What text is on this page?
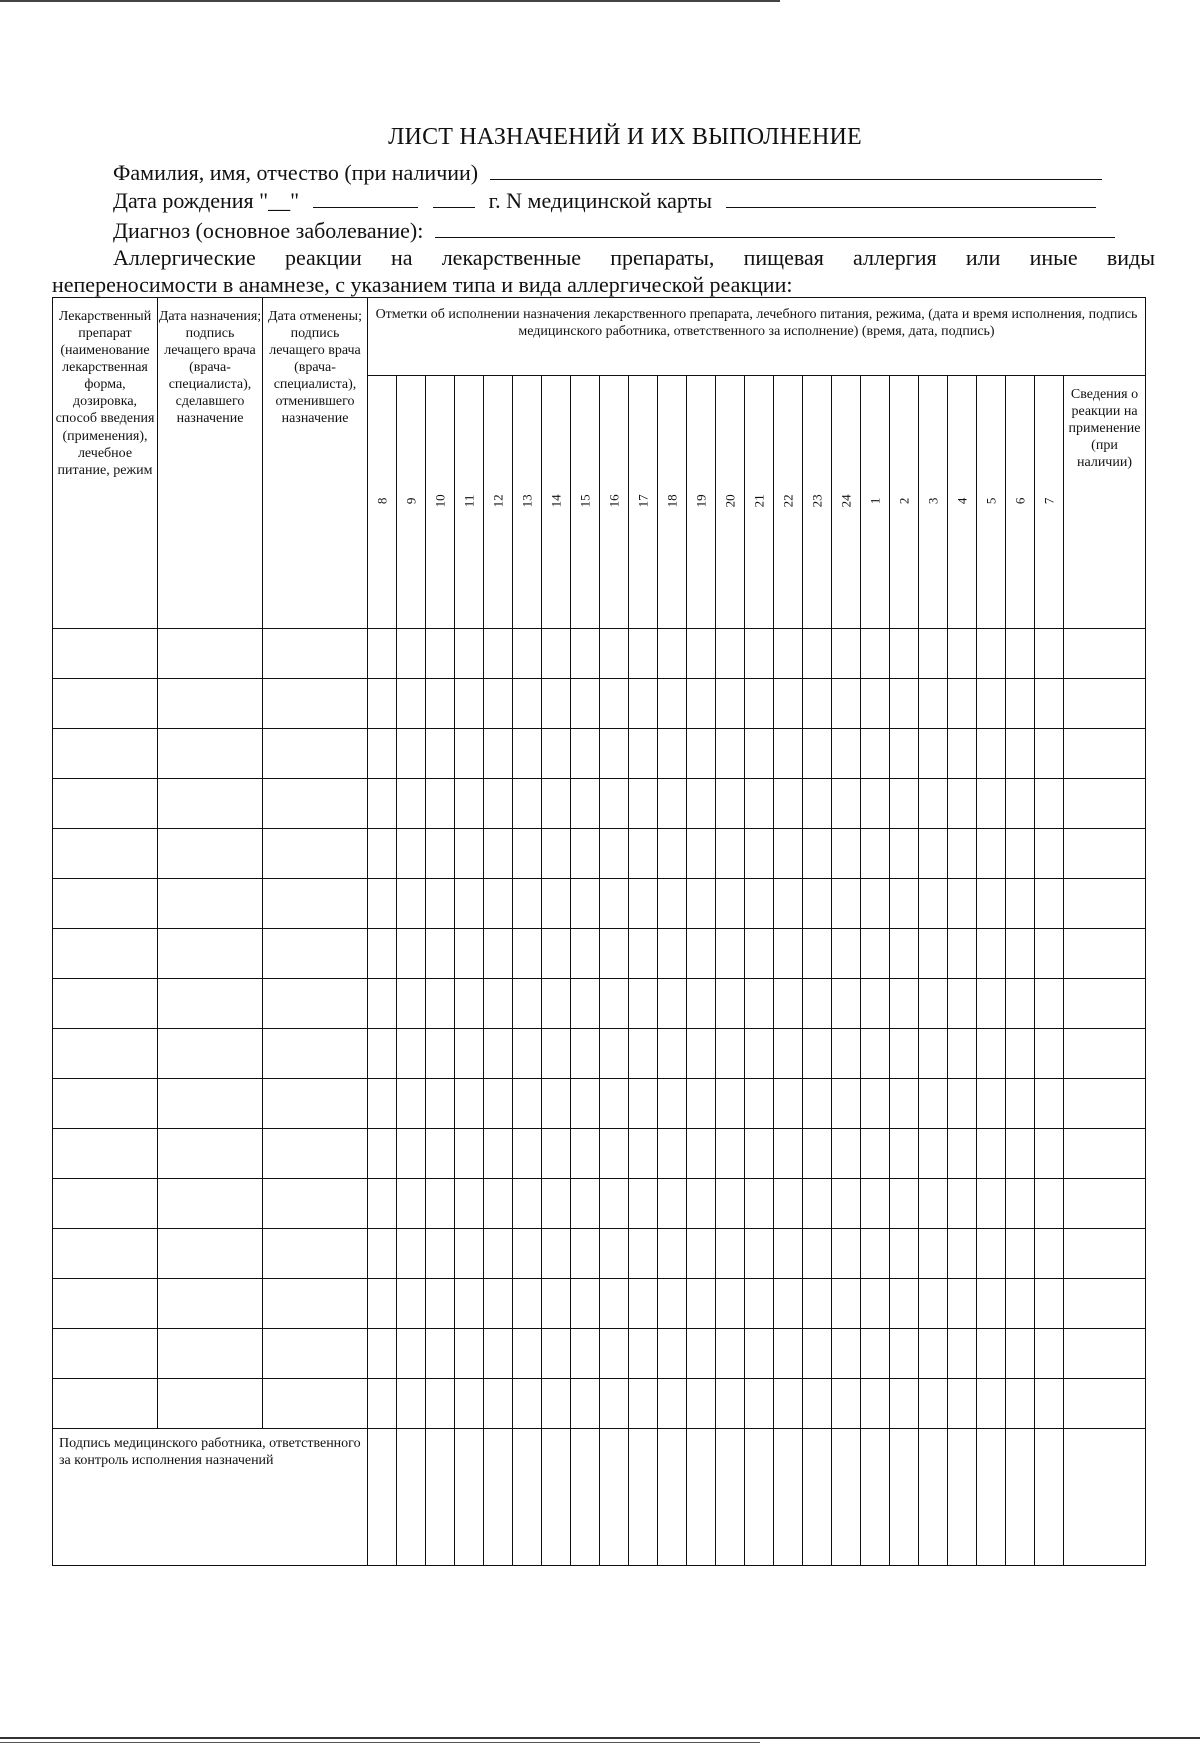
ЛИСТ НАЗНАЧЕНИЙ И ИХ ВЫПОЛНЕНИЕ
Фамилия, имя, отчество (при наличии)
Дата рождения "__"	г. N медицинской карты
Диагноз (основное заболевание):
Аллергические реакции на лекарственные препараты, пищевая аллергия или иные виды
непереносимости в анамнезе, с указанием типа и вида аллергической реакции:
Лекарственный препарат (наименование лекарственная форма, дозировка, способ введения (применения), лечебное питание, режим	Дата назначения; подпись лечащего врача (врача-специалиста), сделавшего назначение	Дата отменены; подпись лечащего врача (врача-специалиста), отменившего назначение	Отметки об исполнении назначения лекарственного препарата, лечебного питания, режима, (дата и время исполнения, подпись медицинского работника, ответственного за исполнение) (время, дата, подпись)																								
			8	9	10	11	12	13	14	15	16	17	18	19	20	21	22	23	24	1	2	3	4	5	6	7	Сведения о реакции на применение (при наличии)

Подпись медицинского работника, ответственного за контроль исполнения назначений																											
